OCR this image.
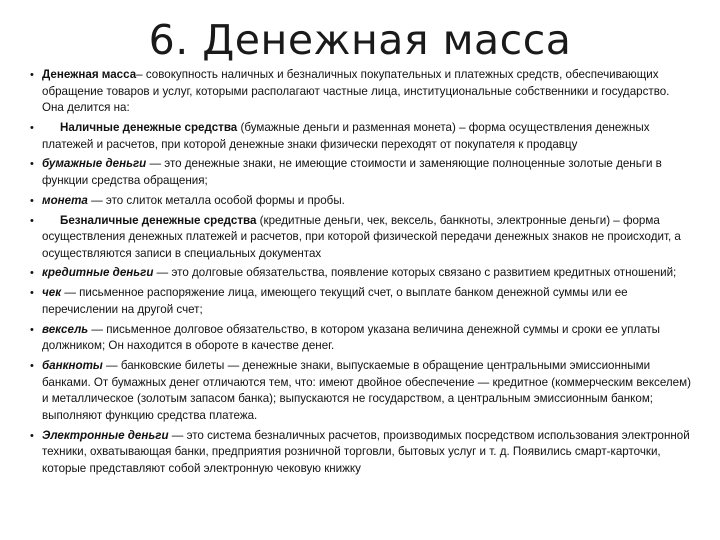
6. Денежная масса
• Денежная масса– совокупность наличных и безналичных покупательных и платежных средств, обеспечивающих обращение товаров и услуг, которыми располагают частные лица, институциональные собственники и государство. Она делится на:
• Наличные денежные средства (бумажные деньги и разменная монета) – форма осуществления денежных платежей и расчетов, при которой денежные знаки физически переходят от покупателя к продавцу
• бумажные деньги — это денежные знаки, не имеющие стоимости и заменяющие полноценные золотые деньги в функции средства обращения;
• монета — это слиток металла особой формы и пробы.
• Безналичные денежные средства (кредитные деньги, чек, вексель, банкноты, электронные деньги) – форма осуществления денежных платежей и расчетов, при которой физической передачи денежных знаков не происходит, а осуществляются записи в специальных документах
• кредитные деньги — это долговые обязательства, появление которых связано с развитием кредитных отношений;
• чек — письменное распоряжение лица, имеющего текущий счет, о выплате банком денежной суммы или ее перечислении на другой счет;
• вексель — письменное долговое обязательство, в котором указана величина денежной суммы и сроки ее уплаты должником; Он находится в обороте в качестве денег.
• банкноты — банковские билеты — денежные знаки, выпускаемые в обращение центральными эмиссионными банками. От бумажных денег отличаются тем, что: имеют двойное обеспечение — кредитное (коммерческим векселем) и металлическое (золотым запасом банка); выпускаются не государством, а центральным эмиссионным банком; выполняют функцию средства платежа.
• Электронные деньги — это система безналичных расчетов, производимых посредством использования электронной техники, охватывающая банки, предприятия розничной торговли, бытовых услуг и т. д. Появились смарт-карточки, которые представляют собой электронную чековую книжку
